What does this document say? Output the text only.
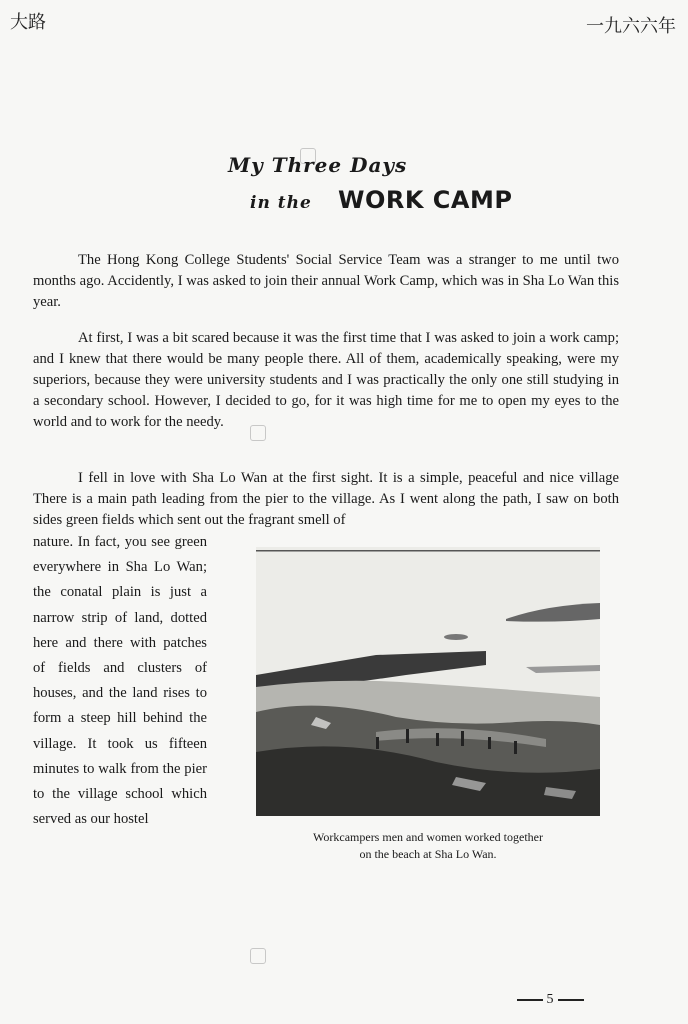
大路	一九六六年
My Three Days
in the WORK CAMP

The Hong Kong College Students' Social Service Team was a stranger to me until two months ago. Accidently, I was asked to join their annual Work Camp, which was in Sha Lo Wan this year.

At first, I was a bit scared because it was the first time that I was asked to join a work camp; and I knew that there would be many people there. All of them, academically speaking, were my superiors, because they were university students and I was practically the only one still studying in a secondary school. However, I decided to go, for it was high time for me to open my eyes to the world and to work for the needy.

I fell in love with Sha Lo Wan at the first sight. It is a simple, peaceful and nice village There is a main path leading from the pier to the village. As I went along the path, I saw on both sides green fields which sent out the fragrant smell of

nature. In fact, you see green everywhere in Sha Lo Wan; the conatal plain is just a narrow strip of land, dotted here and there with patches of fields and clusters of houses, and the land rises to form a steep hill behind the village. It took us fifteen minutes to walk from the pier to the village school which served as our hostel

Workcampers men and women worked together
on the beach at Sha Lo Wan.
5
